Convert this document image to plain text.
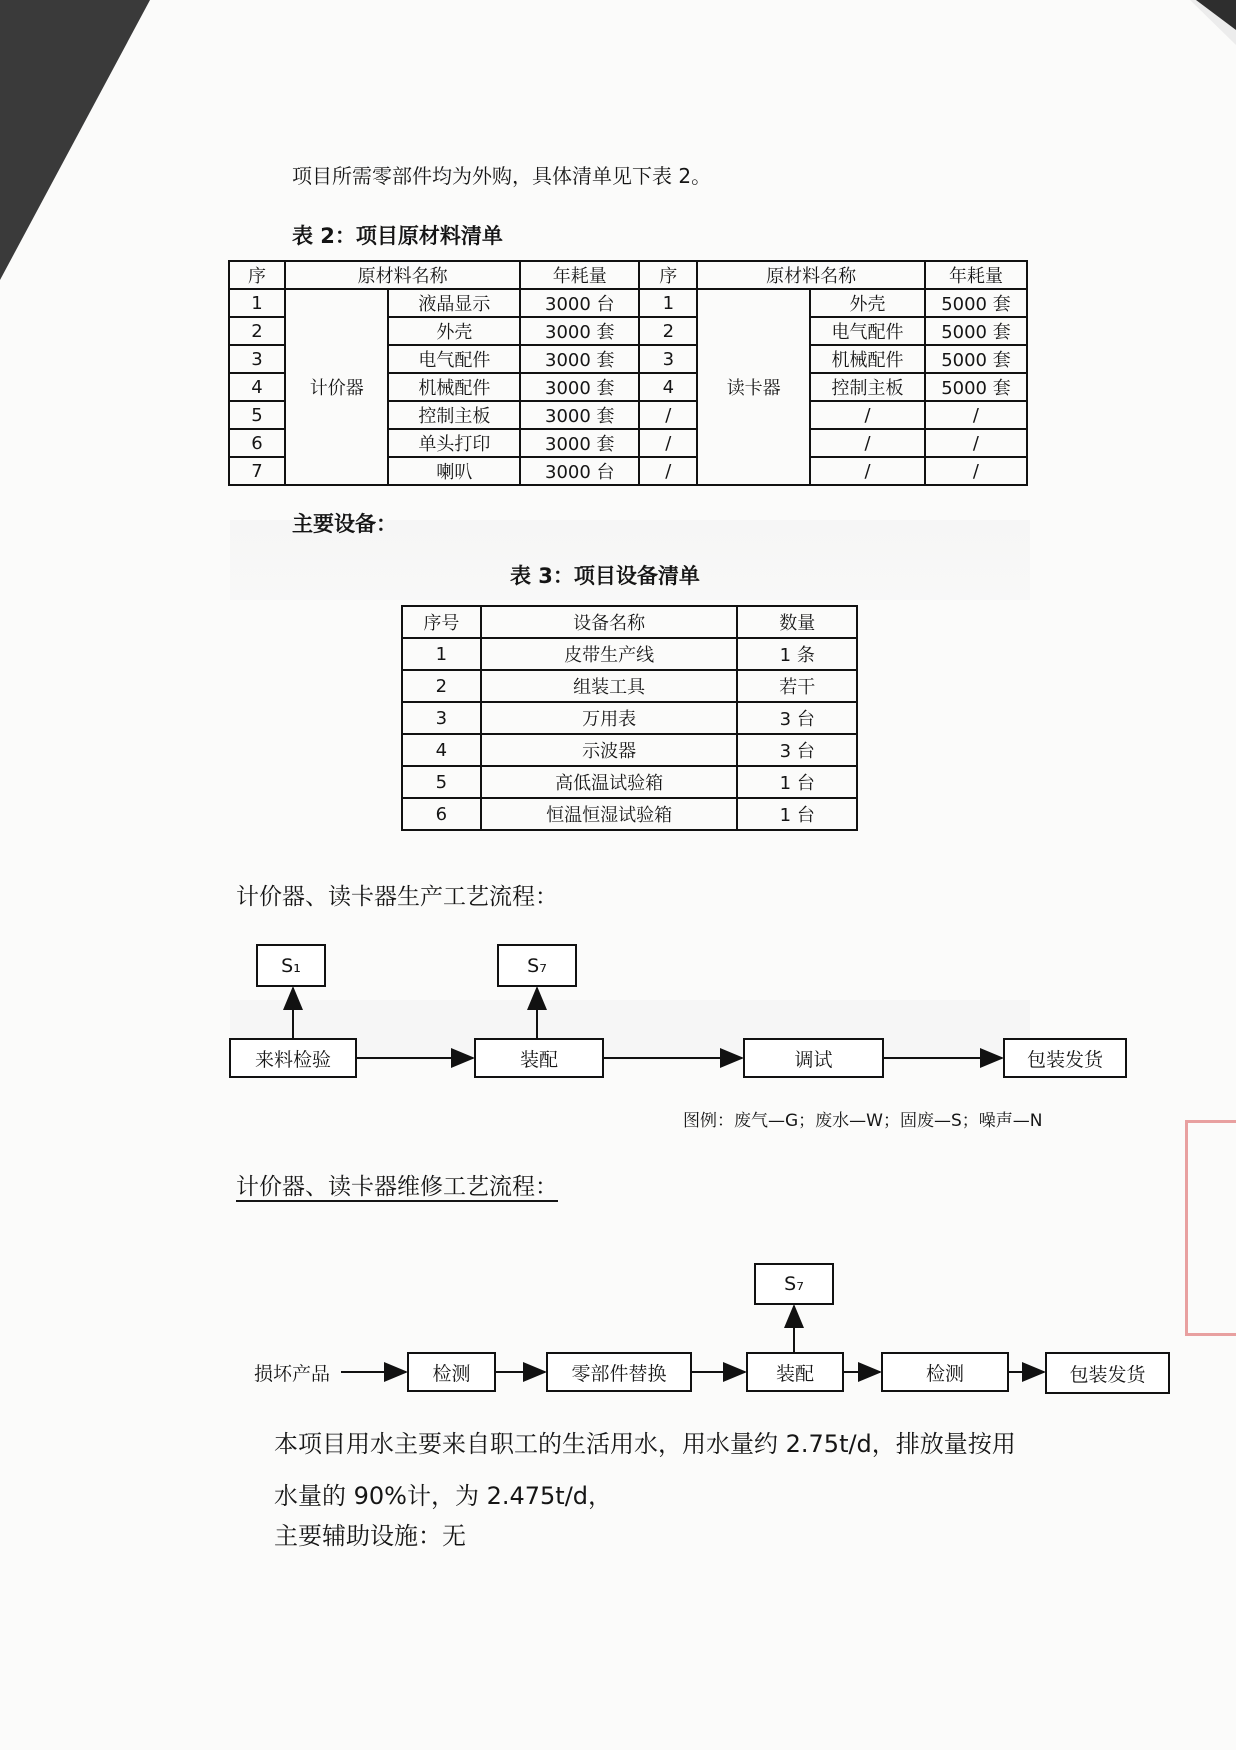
项目所需零部件均为外购，具体清单见下表 2。
表 2：项目原材料清单
序	原材料名称		年耗量	序	原材料名称		年耗量
1	计价器	液晶显示	3000 台	1	读卡器	外壳	5000 套
2		外壳	3000 套	2		电气配件	5000 套
3		电气配件	3000 套	3		机械配件	5000 套
4		机械配件	3000 套	4		控制主板	5000 套
5		控制主板	3000 套	/		/	/
6		单头打印	3000 套	/		/	/
7		喇叭	3000 台	/		/	/
主要设备：
表 3：项目设备清单
序号	设备名称	数量
1	皮带生产线	1 条
2	组装工具	若干
3	万用表	3 台
4	示波器	3 台
5	高低温试验箱	1 台
6	恒温恒湿试验箱	1 台
计价器、读卡器生产工艺流程：
S₁	S₇
来料检验	装配	调试	包装发货
图例：废气—G；废水—W；固废—S；噪声—N
计价器、读卡器维修工艺流程：
损坏产品
S₇
检测	零部件替换	装配	检测	包装发货
本项目用水主要来自职工的生活用水，用水量约 2.75t/d，排放量按用
水量的 90%计，为 2.475t/d，
主要辅助设施：无
